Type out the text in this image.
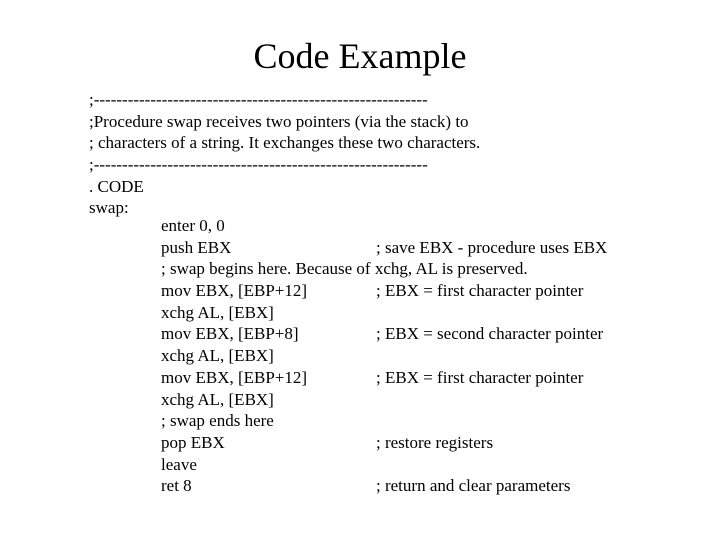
Code Example
;-----------------------------------------------------------
;Procedure swap receives two pointers (via the stack) to
; characters of a string. It exchanges these two characters.
;-----------------------------------------------------------
. CODE
swap:
enter 0, 0
push EBX	; save EBX - procedure uses EBX
; swap begins here. Because of xchg, AL is preserved.
mov EBX, [EBP+12]	; EBX = first character pointer
xchg AL, [EBX]
mov EBX, [EBP+8]	; EBX = second character pointer
xchg AL, [EBX]
mov EBX, [EBP+12]	; EBX = first character pointer
xchg AL, [EBX]
; swap ends here
pop EBX	; restore registers
leave
ret 8	; return and clear parameters
